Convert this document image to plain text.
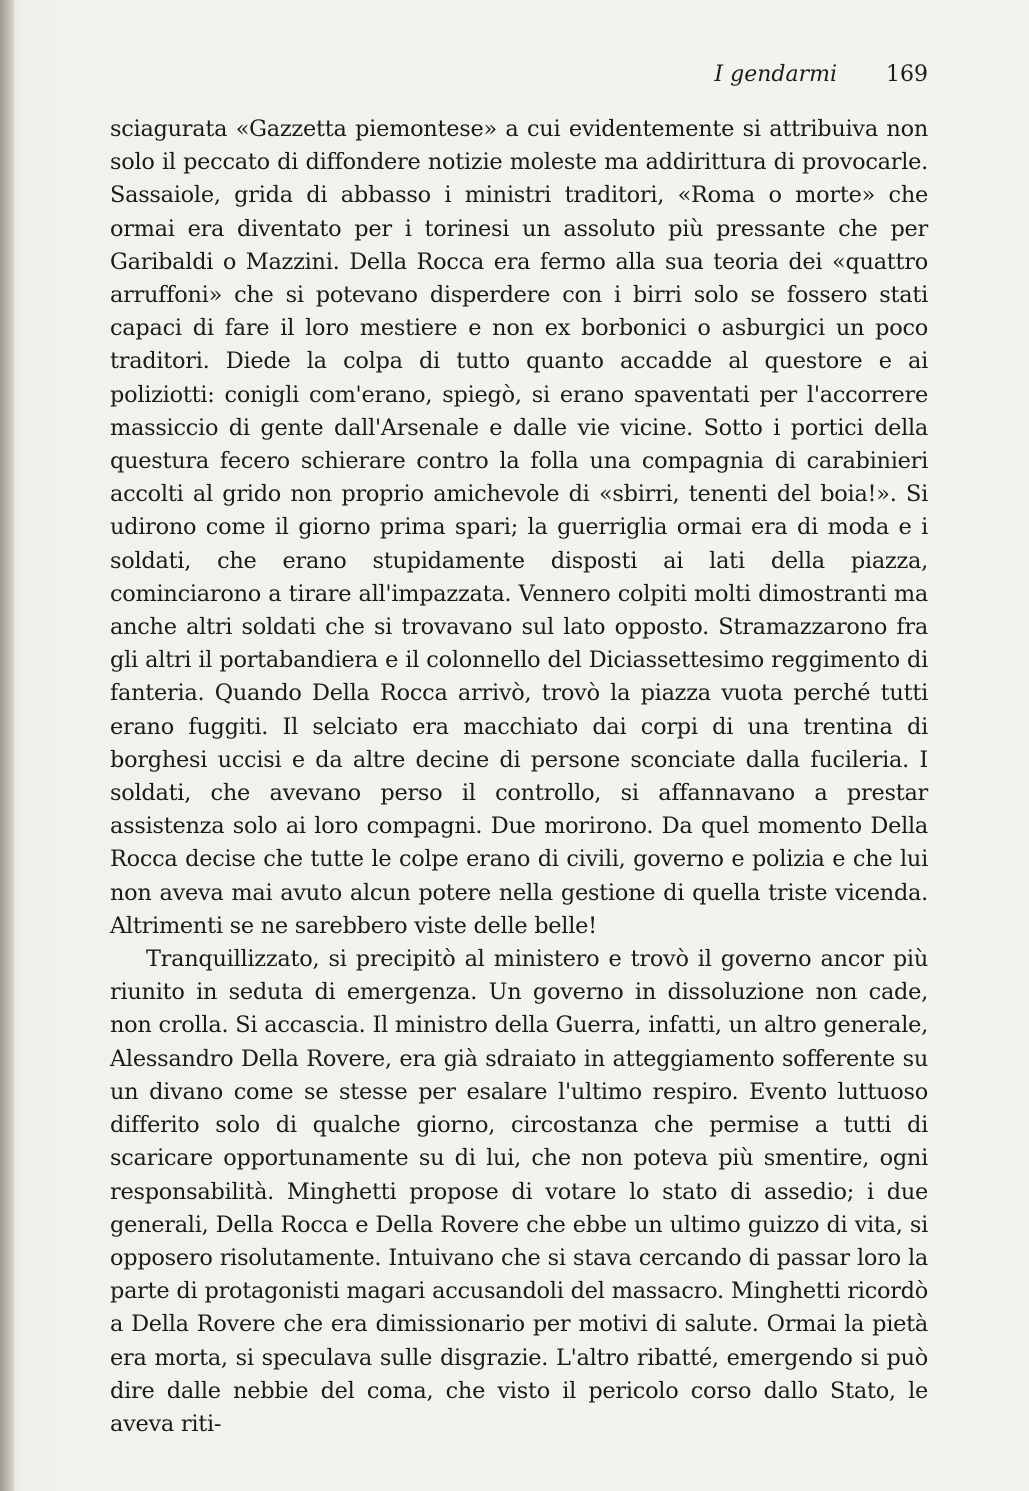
I gendarmi 169

sciagurata «Gazzetta piemontese» a cui evidentemente si attribuiva non solo il peccato di diffondere notizie moleste ma addirittura di provocarle. Sassaiole, grida di abbasso i ministri traditori, «Roma o morte» che ormai era diventato per i torinesi un assoluto più pressante che per Garibaldi o Mazzini. Della Rocca era fermo alla sua teoria dei «quattro arruffoni» che si potevano disperdere con i birri solo se fossero stati capaci di fare il loro mestiere e non ex borbonici o asburgici un poco traditori. Diede la colpa di tutto quanto accadde al questore e ai poliziotti: conigli com'erano, spiegò, si erano spaventati per l'accorrere massiccio di gente dall'Arsenale e dalle vie vicine. Sotto i portici della questura fecero schierare contro la folla una compagnia di carabinieri accolti al grido non proprio amichevole di «sbirri, tenenti del boia!». Si udirono come il giorno prima spari; la guerriglia ormai era di moda e i soldati, che erano stupidamente disposti ai lati della piazza, cominciarono a tirare all'impazzata. Vennero colpiti molti dimostranti ma anche altri soldati che si trovavano sul lato opposto. Stramazzarono fra gli altri il portabandiera e il colonnello del Diciassettesimo reggimento di fanteria. Quando Della Rocca arrivò, trovò la piazza vuota perché tutti erano fuggiti. Il selciato era macchiato dai corpi di una trentina di borghesi uccisi e da altre decine di persone sconciate dalla fucileria. I soldati, che avevano perso il controllo, si affannavano a prestar assistenza solo ai loro compagni. Due morirono. Da quel momento Della Rocca decise che tutte le colpe erano di civili, governo e polizia e che lui non aveva mai avuto alcun potere nella gestione di quella triste vicenda. Altrimenti se ne sarebbero viste delle belle!

Tranquillizzato, si precipitò al ministero e trovò il governo ancor più riunito in seduta di emergenza. Un governo in dissoluzione non cade, non crolla. Si accascia. Il ministro della Guerra, infatti, un altro generale, Alessandro Della Rovere, era già sdraiato in atteggiamento sofferente su un divano come se stesse per esalare l'ultimo respiro. Evento luttuoso differito solo di qualche giorno, circostanza che permise a tutti di scaricare opportunamente su di lui, che non poteva più smentire, ogni responsabilità. Minghetti propose di votare lo stato di assedio; i due generali, Della Rocca e Della Rovere che ebbe un ultimo guizzo di vita, si opposero risolutamente. Intuivano che si stava cercando di passar loro la parte di protagonisti magari accusandoli del massacro. Minghetti ricordò a Della Rovere che era dimissionario per motivi di salute. Ormai la pietà era morta, si speculava sulle disgrazie. L'altro ribatté, emergendo si può dire dalle nebbie del coma, che visto il pericolo corso dallo Stato, le aveva riti-
